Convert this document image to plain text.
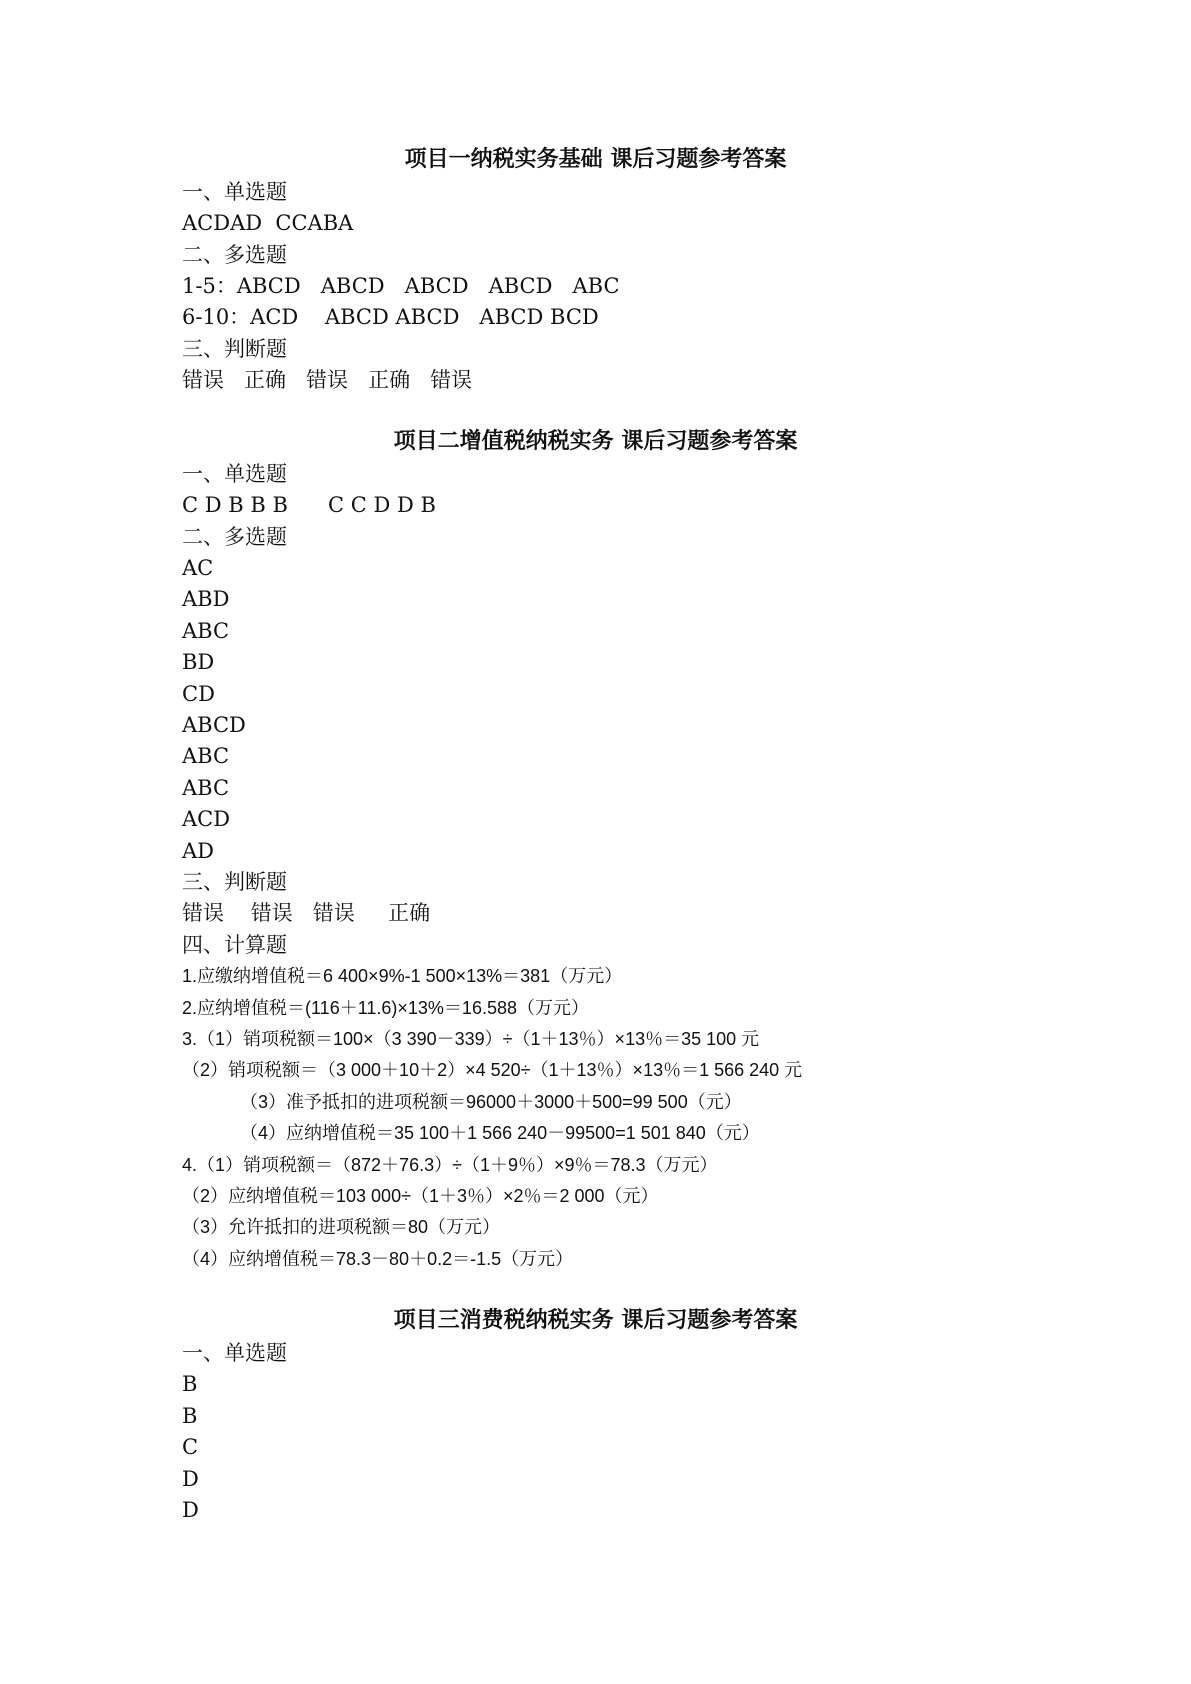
项目一纳税实务基础 课后习题参考答案
一、单选题
ACDAD  CCABA
二、多选题
1-5：ABCD   ABCD   ABCD   ABCD   ABC
6-10：ACD    ABCD ABCD   ABCD BCD
三、判断题
错误   正确   错误   正确   错误
项目二增值税纳税实务 课后习题参考答案
一、单选题
C D B B B      C C D D B
二、多选题
AC
ABD
ABC
BD
CD
ABCD
ABC
ABC
ACD
AD
三、判断题
错误    错误   错误     正确
四、计算题
1.应缴纳增值税＝6 400×9%-1 500×13%＝381（万元）
2.应纳增值税＝(116＋11.6)×13%＝16.588（万元）
3.（1）销项税额＝100×（3 390－339）÷（1＋13％）×13％＝35 100 元
（2）销项税额＝（3 000＋10＋2）×4 520÷（1＋13％）×13％＝1 566 240 元
（3）准予抵扣的进项税额＝96000＋3000＋500=99 500（元）
（4）应纳增值税＝35 100＋1 566 240－99500=1 501 840（元）
4.（1）销项税额＝（872＋76.3）÷（1＋9％）×9％＝78.3（万元）
（2）应纳增值税＝103 000÷（1＋3％）×2％＝2 000（元）
（3）允许抵扣的进项税额＝80（万元）
（4）应纳增值税＝78.3－80＋0.2＝-1.5（万元）
项目三消费税纳税实务 课后习题参考答案
一、单选题
B
B
C
D
D
